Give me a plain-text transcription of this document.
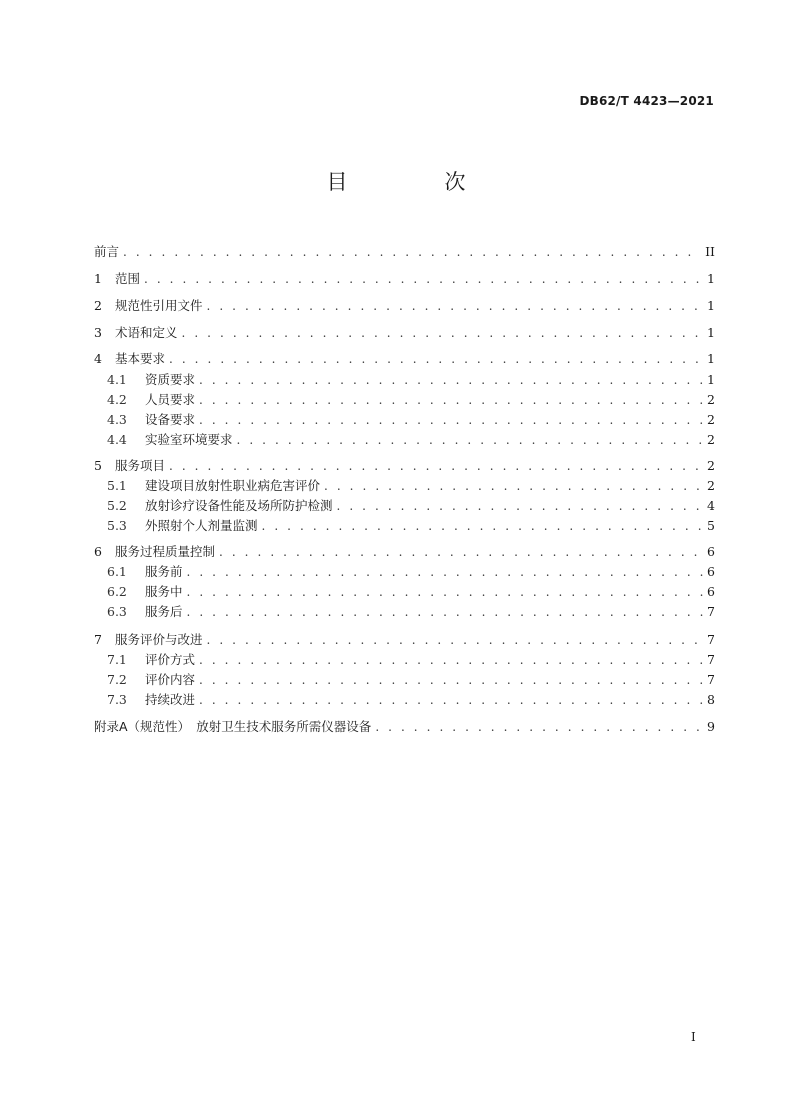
DB62/T 4423—2021
目　次
前言 . . .	II
1	范围 . . .	1
2	规范性引用文件 . . .	1
3	术语和定义 . . .	1
4	基本要求 . . .	1
4.1	资质要求 . . .	1
4.2	人员要求 . . .	2
4.3	设备要求 . . .	2
4.4	实验室环境要求 . . .	2
5	服务项目 . . .	2
5.1	建设项目放射性职业病危害评价 . . .	2
5.2	放射诊疗设备性能及场所防护检测 . . .	4
5.3	外照射个人剂量监测 . . .	5
6	服务过程质量控制 . . .	6
6.1	服务前 . . .	6
6.2	服务中 . . .	6
6.3	服务后 . . .	7
7	服务评价与改进 . . .	7
7.1	评价方式 . . .	7
7.2	评价内容 . . .	7
7.3	持续改进 . . .	8
附录A（规范性）　放射卫生技术服务所需仪器设备 . . .	9
I
